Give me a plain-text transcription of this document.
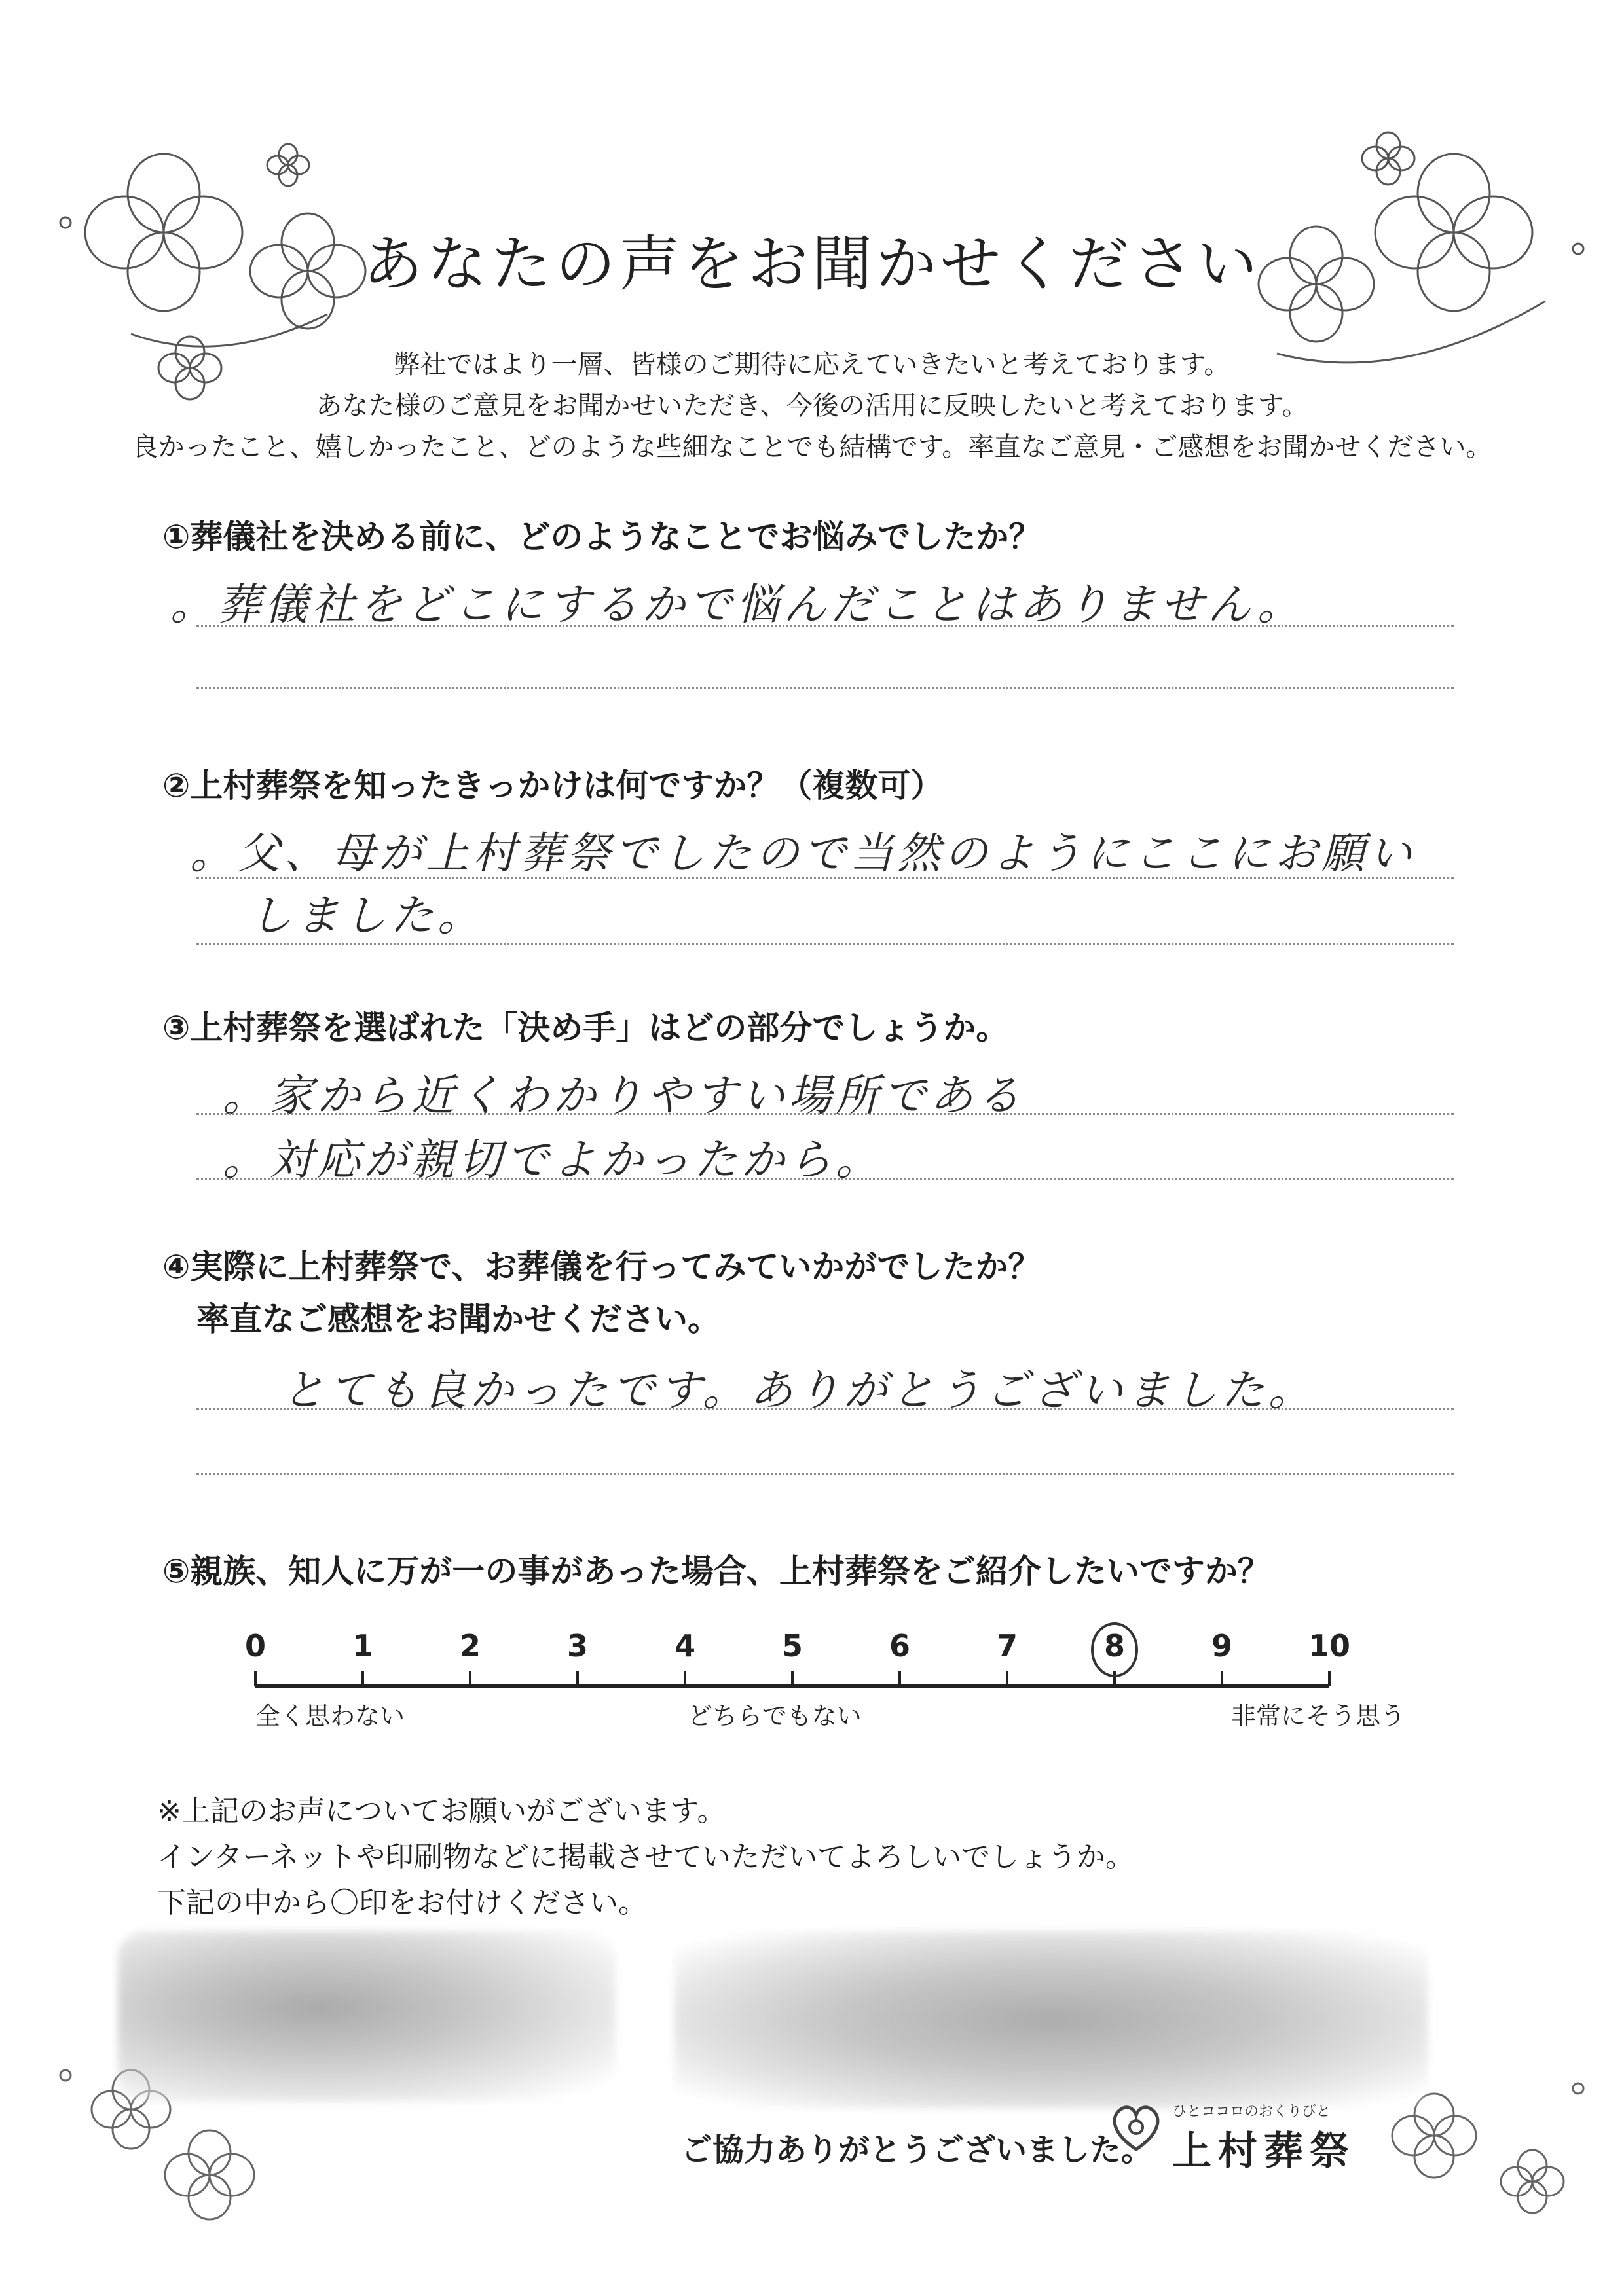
あなたの声をお聞かせください
弊社ではより一層、皆様のご期待に応えていきたいと考えております。
あなた様のご意見をお聞かせいただき、今後の活用に反映したいと考えております。
良かったこと、嬉しかったこと、どのような些細なことでも結構です。率直なご意見・ご感想をお聞かせください。
①葬儀社を決める前に、どのようなことでお悩みでしたか？
。葬儀社をどこにするかで悩んだことはありません。
②上村葬祭を知ったきっかけは何ですか？（複数可）
。父、母が上村葬祭でしたので当然のようにここにお願い
しました。
③上村葬祭を選ばれた「決め手」はどの部分でしょうか。
。家から近くわかりやすい場所である
。対応が親切でよかったから。
④実際に上村葬祭で、お葬儀を行ってみていかがでしたか？
率直なご感想をお聞かせください。
とても良かったです。ありがとうございました。
⑤親族、知人に万が一の事があった場合、上村葬祭をご紹介したいですか？
0	1	2	3	4	5	6	7	8	9	10
全く思わない	どちらでもない	非常にそう思う
※上記のお声についてお願いがございます。
インターネットや印刷物などに掲載させていただいてよろしいでしょうか。
下記の中から〇印をお付けください。
ご協力ありがとうございました。
ひとココロのおくりびと
上村葬祭
